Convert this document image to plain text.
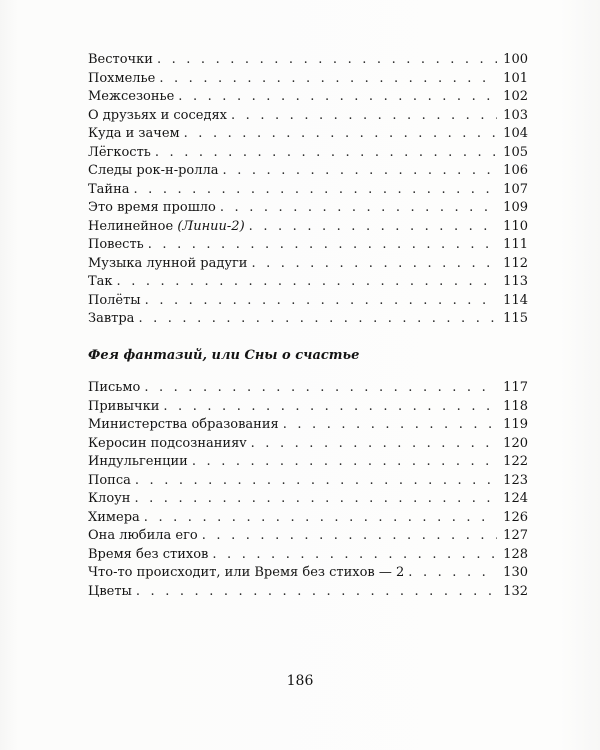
Весточки . . .	100
Похмелье . . .	101
Межсезонье . . .	102
О друзьях и соседях . . .	103
Куда и зачем . . .	104
Лёгкость . . .	105
Следы рок-н-ролла . . .	106
Тайна . . .	107
Это время прошло . . .	109
Нелинейное (Линии-2) . . .	110
Повесть . . .	111
Музыка лунной радуги . . .	112
Так . . .	113
Полёты . . .	114
Завтра . . .	115
Фея фантазий, или Сны о счастье
Письмо . . .	117
Привычки . . .	118
Министерства образования . . .	119
Керосин подсознанияv . . .	120
Индульгенции . . .	122
Попса . . .	123
Клоун . . .	124
Химера . . .	126
Она любила его . . .	127
Время без стихов . . .	128
Что-то происходит, или Время без стихов — 2 . . .	130
Цветы . . .	132
186
